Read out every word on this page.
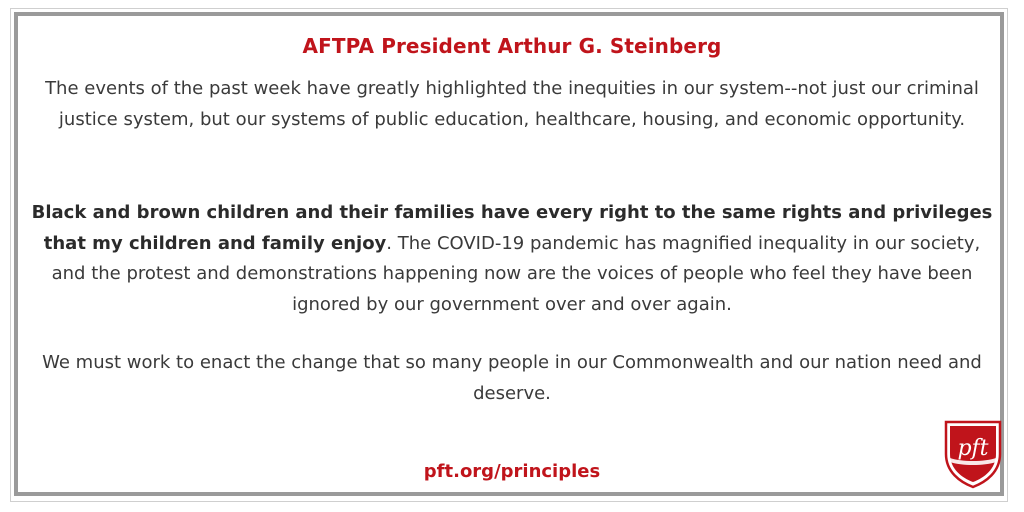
AFTPA President Arthur G. Steinberg
The events of the past week have greatly highlighted the inequities in our system--not just our criminal justice system, but our systems of public education, healthcare, housing, and economic opportunity.
Black and brown children and their families have every right to the same rights and privileges that my children and family enjoy. The COVID-19 pandemic has magnified inequality in our society, and the protest and demonstrations happening now are the voices of people who feel they have been ignored by our government over and over again.
We must work to enact the change that so many people in our Commonwealth and our nation need and deserve.
pft.org/principles
pft
